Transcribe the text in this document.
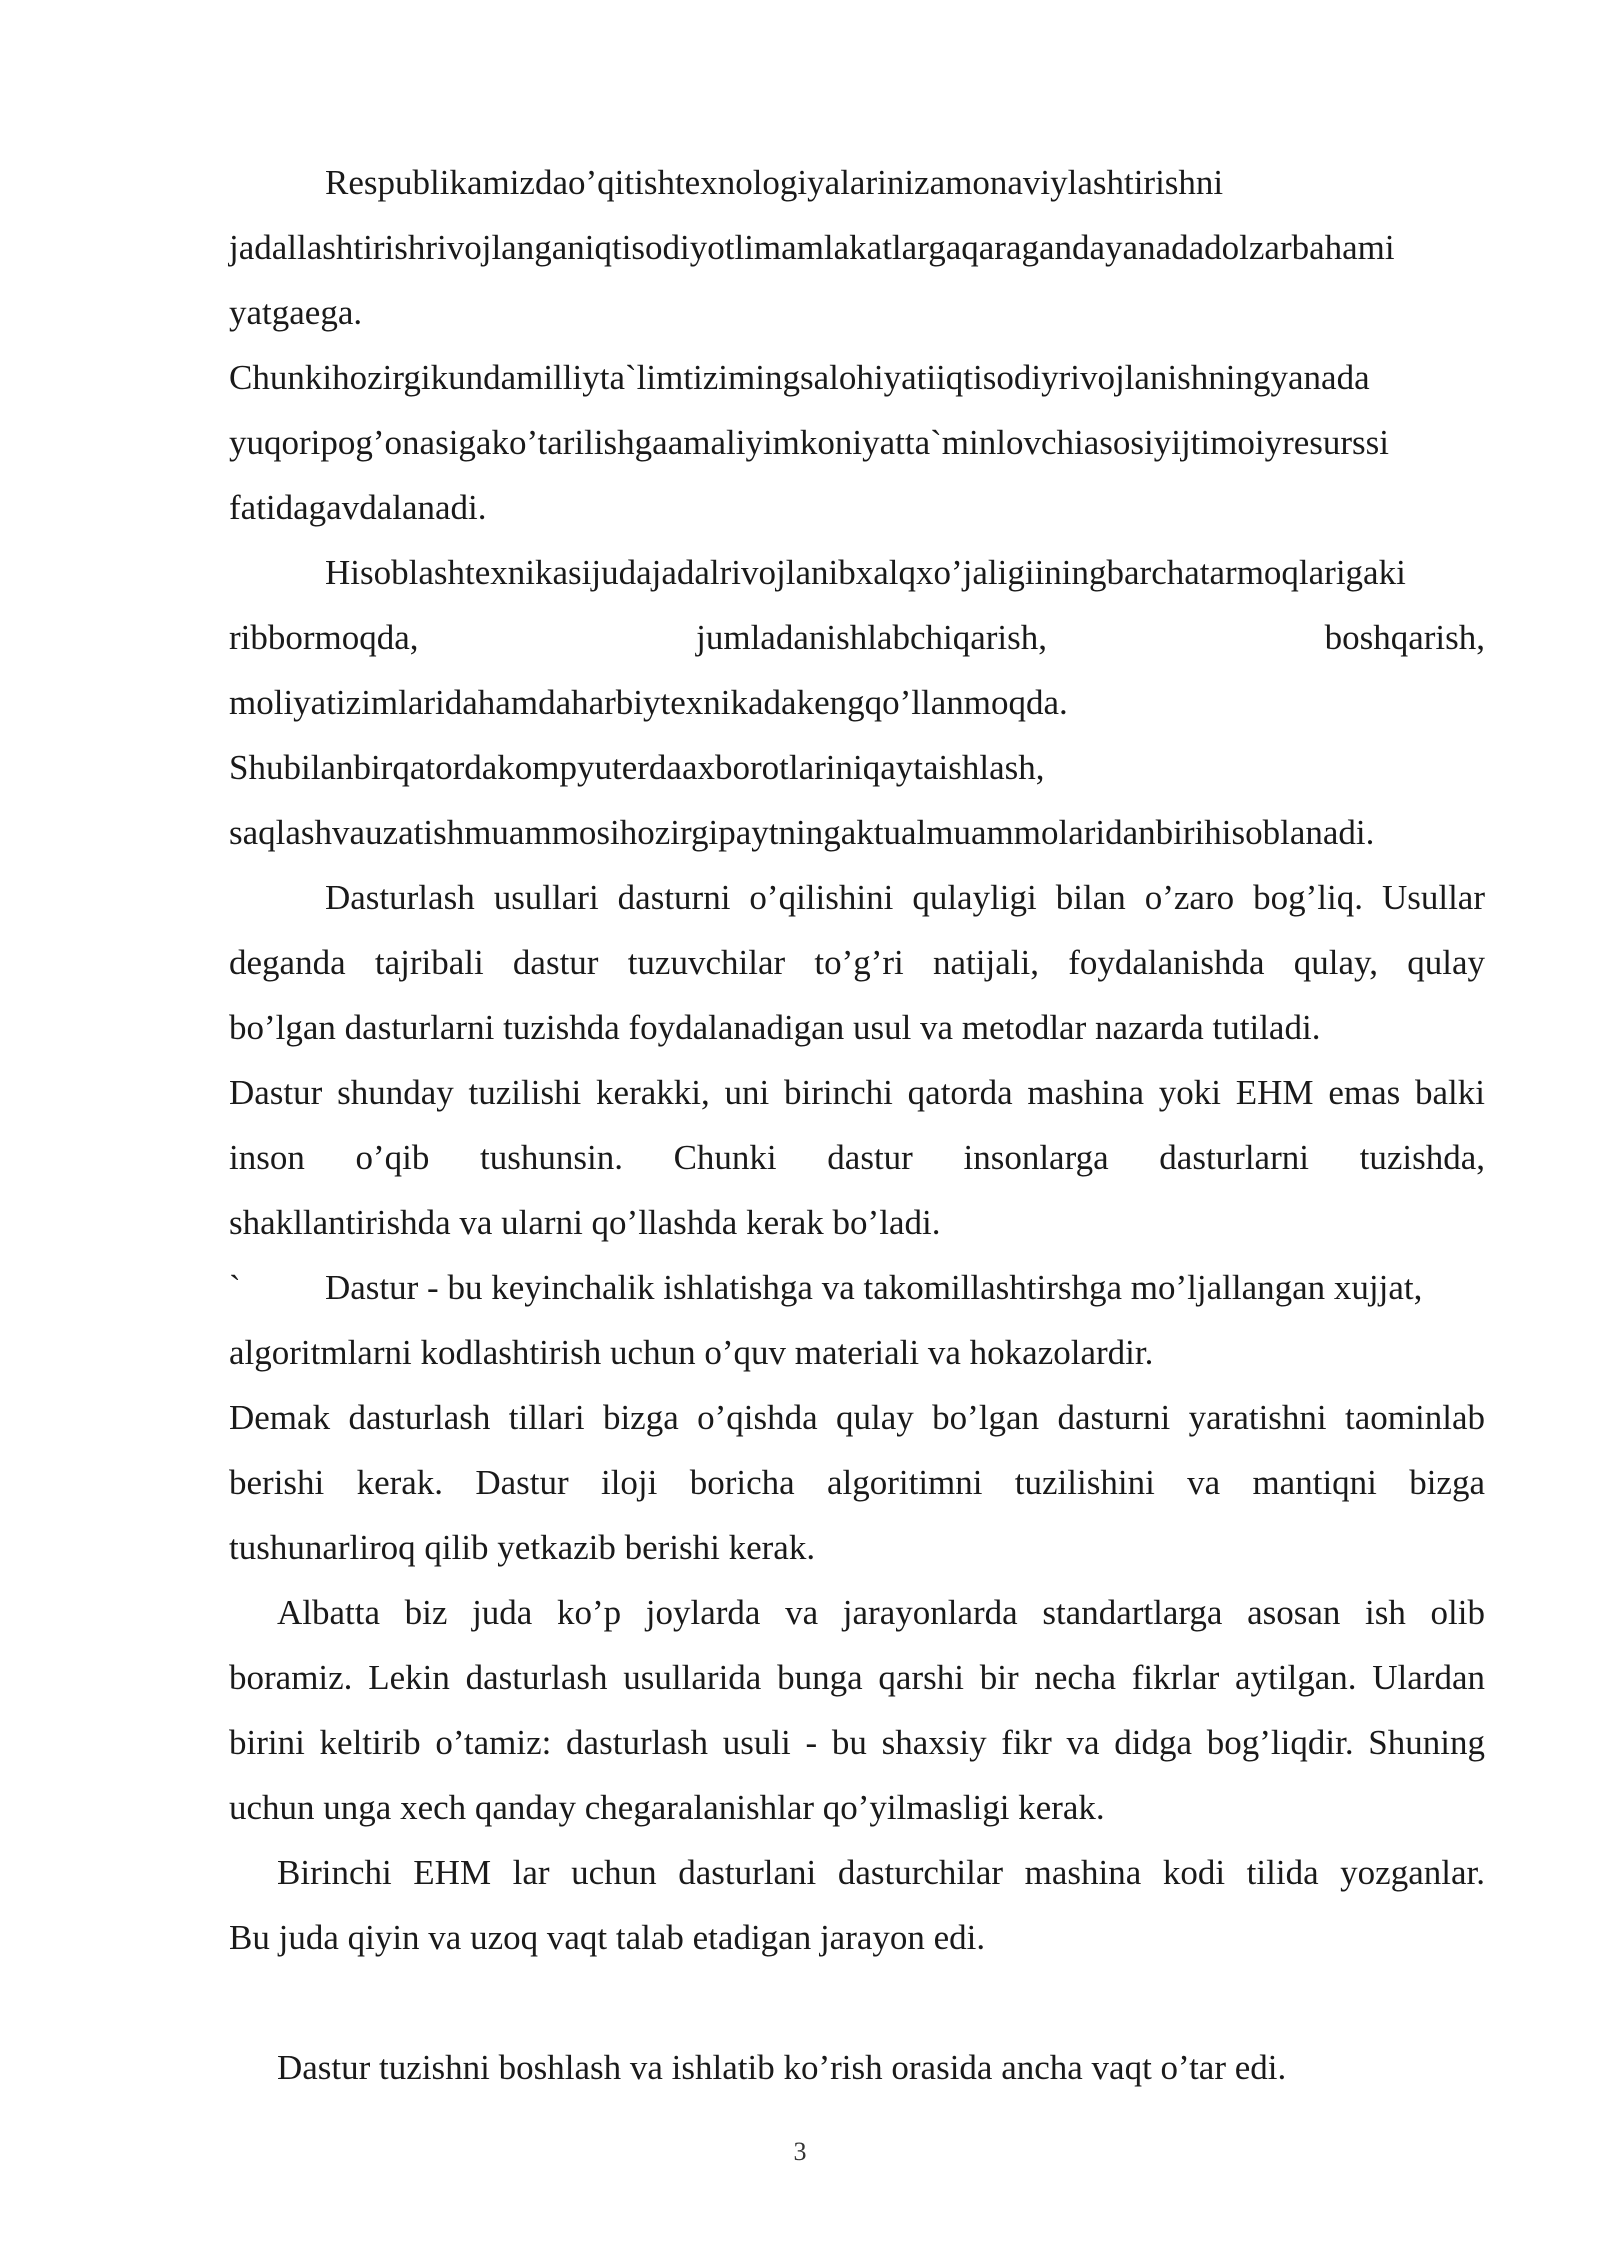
Respublikamizdao’qitishtexnologiyalarinizamonaviylashtirishni
jadallashtirishrivojlanganiqtisodiyotlimamlakatlargaqaragandayanadadolzarbahami
yatgaega.
Chunkihozirgikundamilliyta`limtizimingsalohiyatiiqtisodiyrivojlanishningyanada
yuqoripog’onasigako’tarilishgaamaliyimkoniyatta`minlovchiasosiyijtimoiyresurssi
fatidagavdalanadi.
Hisoblashtexnikasijudajadalrivojlanibxalqxo’jaligiiningbarchatarmoqlarigaki
ribbormoqda, jumladanishlabchiqarish, boshqarish,
moliyatizimlaridahamdaharbiytexnikadakengqo’llanmoqda.
Shubilanbirqatordakompyuterdaaxborotlariniqaytaishlash,
saqlashvauzatishmuammosihozirgipaytningaktualmuammolaridanbirihisoblanadi.
Dasturlash usullari dasturni o’qilishini qulayligi bilan o’zaro bog’liq. Usullar
deganda tajribali dastur tuzuvchilar to’g’ri natijali, foydalanishda qulay, qulay
bo’lgan dasturlarni tuzishda foydalanadigan usul va metodlar nazarda tutiladi.
Dastur shunday tuzilishi kerakki, uni birinchi qatorda mashina yoki EHM emas balki
inson o’qib tushunsin. Chunki dastur insonlarga dasturlarni tuzishda,
shakllantirishda va ularni qo’llashda kerak bo’ladi.
`	Dastur - bu keyinchalik ishlatishga va takomillashtirshga mo’ljallangan xujjat,
algoritmlarni kodlashtirish uchun o’quv materiali va hokazolardir.
Demak dasturlash tillari bizga o’qishda qulay bo’lgan dasturni yaratishni taominlab
berishi kerak. Dastur iloji boricha algoritimni tuzilishini va mantiqni bizga
tushunarliroq qilib yetkazib berishi kerak.
Albatta biz juda ko’p joylarda va jarayonlarda standartlarga asosan ish olib
boramiz. Lekin dasturlash usullarida bunga qarshi bir necha fikrlar aytilgan. Ulardan
birini keltirib o’tamiz: dasturlash usuli - bu shaxsiy fikr va didga bog’liqdir. Shuning
uchun unga xech qanday chegaralanishlar qo’yilmasligi kerak.
Birinchi EHM lar uchun dasturlani dasturchilar mashina kodi tilida yozganlar.
Bu juda qiyin va uzoq vaqt talab etadigan jarayon edi.
Dastur tuzishni boshlash va ishlatib ko’rish orasida ancha vaqt o’tar edi.
3
